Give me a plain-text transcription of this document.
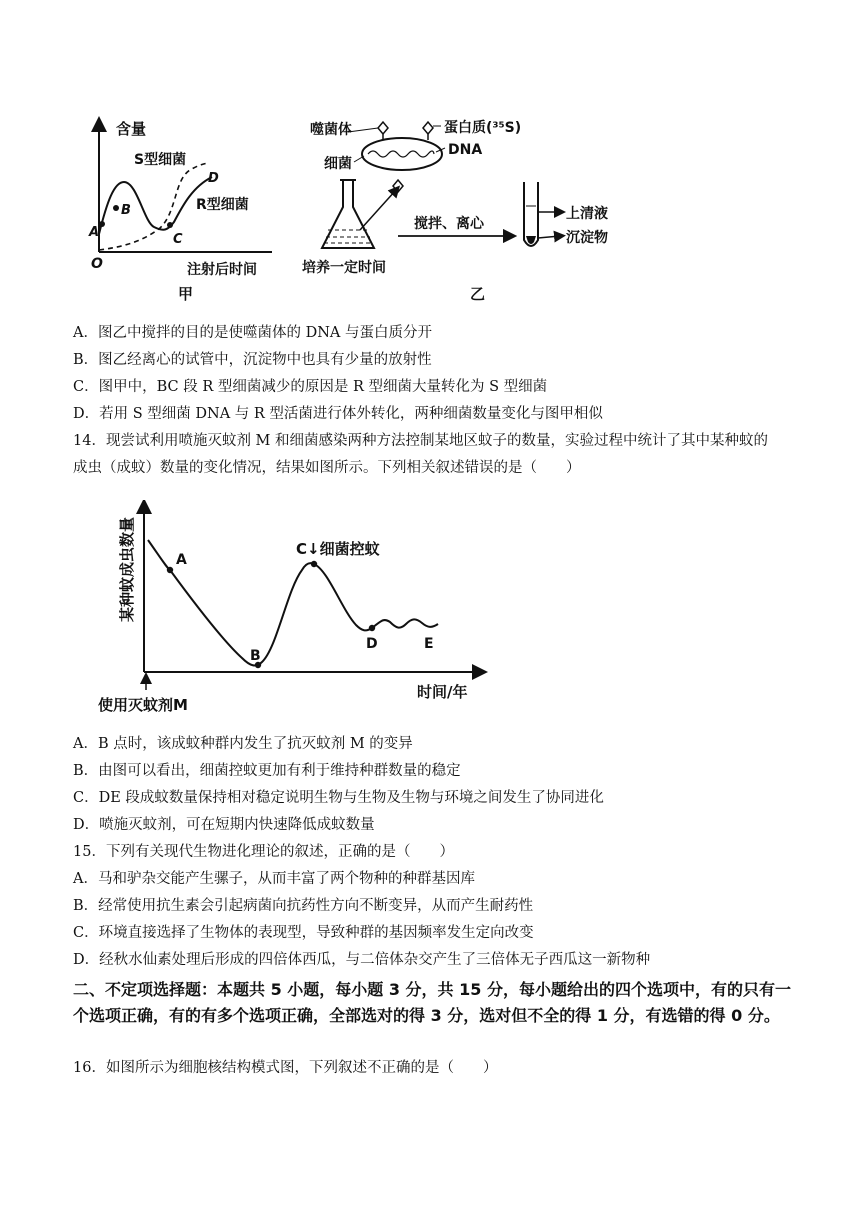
含量
O	注射后时间
甲
A
B
C
D
S型细菌
R型细菌
噬菌体	蛋白质(³⁵S)
DNA
细菌
培养一定时间
搅拌、离心
上清液
沉淀物
乙
A．图乙中搅拌的目的是使噬菌体的 DNA 与蛋白质分开
B．图乙经离心的试管中，沉淀物中也具有少量的放射性
C．图甲中，BC 段 R 型细菌减少的原因是 R 型细菌大量转化为 S 型细菌
D．若用 S 型细菌 DNA 与 R 型活菌进行体外转化，两种细菌数量变化与图甲相似
14．现尝试利用喷施灭蚊剂 M 和细菌感染两种方法控制某地区蚊子的数量，实验过程中统计了其中某种蚊的
成虫（成蚊）数量的变化情况，结果如图所示。下列相关叙述错误的是（　　）
某种蚊成虫数量
时间/年
使用灭蚊剂M
A
B
C↓细菌控蚊
D	E
A．B 点时，该成蚊种群内发生了抗灭蚊剂 M 的变异
B．由图可以看出，细菌控蚊更加有利于维持种群数量的稳定
C．DE 段成蚊数量保持相对稳定说明生物与生物及生物与环境之间发生了协同进化
D．喷施灭蚊剂，可在短期内快速降低成蚊数量
15．下列有关现代生物进化理论的叙述，正确的是（　　）
A．马和驴杂交能产生骡子，从而丰富了两个物种的种群基因库
B．经常使用抗生素会引起病菌向抗药性方向不断变异，从而产生耐药性
C．环境直接选择了生物体的表现型，导致种群的基因频率发生定向改变
D．经秋水仙素处理后形成的四倍体西瓜，与二倍体杂交产生了三倍体无子西瓜这一新物种
二、不定项选择题：本题共 5 小题，每小题 3 分，共 15 分，每小题给出的四个选项中，有的只有一个选项正确，有的有多个选项正确，全部选对的得 3 分，选对但不全的得 1 分，有选错的得 0 分。
16．如图所示为细胞核结构模式图，下列叙述不正确的是（　　）
